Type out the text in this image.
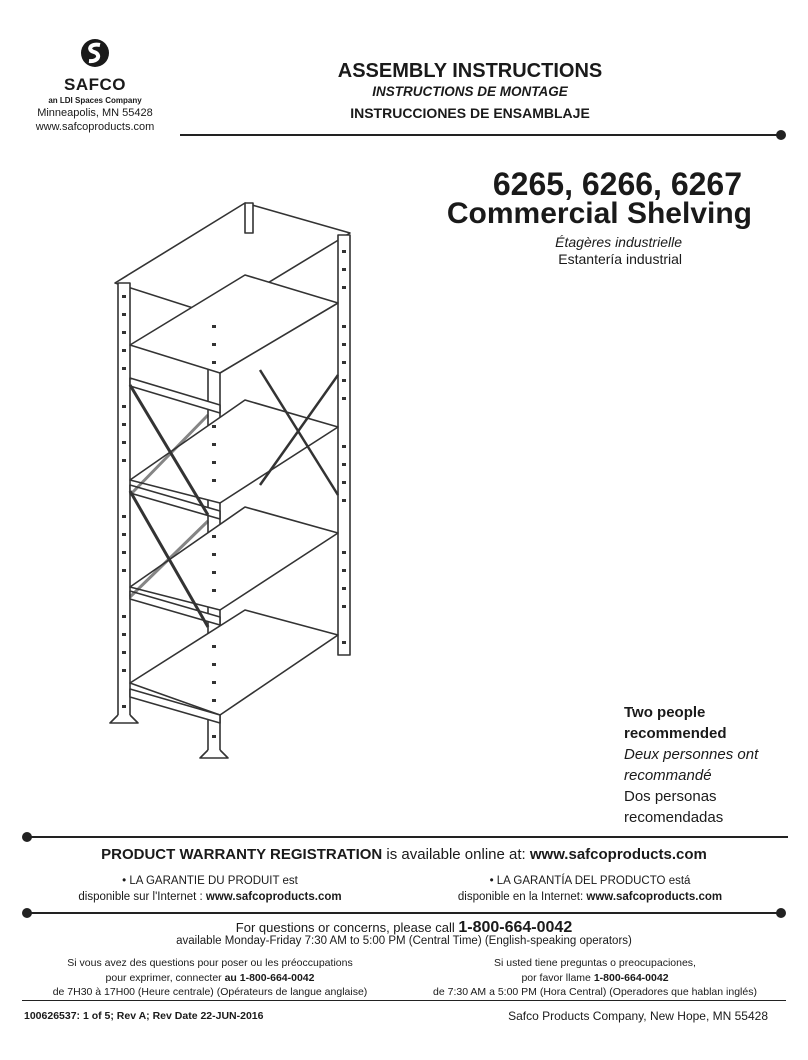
SAFCO
an LDI Spaces Company
Minneapolis, MN 55428
www.safcoproducts.com
ASSEMBLY INSTRUCTIONS
INSTRUCTIONS DE MONTAGE
INSTRUCCIONES DE ENSAMBLAJE
6265, 6266, 6267
Commercial Shelving
Étagères industrielle
Estantería industrial
Two people recommended
Deux personnes ont recommandé
Dos personas recomendadas
PRODUCT WARRANTY REGISTRATION is available online at: www.safcoproducts.com
• LA GARANTIE DU PRODUIT est
disponible sur l'Internet : www.safcoproducts.com
• LA GARANTÍA DEL PRODUCTO está
disponible en la Internet: www.safcoproducts.com
For questions or concerns, please call 1-800-664-0042
available Monday-Friday 7:30 AM to 5:00 PM (Central Time) (English-speaking operators)
Si vous avez des questions pour poser ou les préoccupations
pour exprimer, connecter au 1-800-664-0042
de 7H30 à 17H00 (Heure centrale) (Opérateurs de langue anglaise)
Si usted tiene preguntas o preocupaciones,
por favor llame 1-800-664-0042
de 7:30 AM a 5:00 PM (Hora Central) (Operadores que hablan inglés)
100626537: 1 of 5; Rev A; Rev Date 22-JUN-2016	Safco Products Company, New Hope, MN 55428
